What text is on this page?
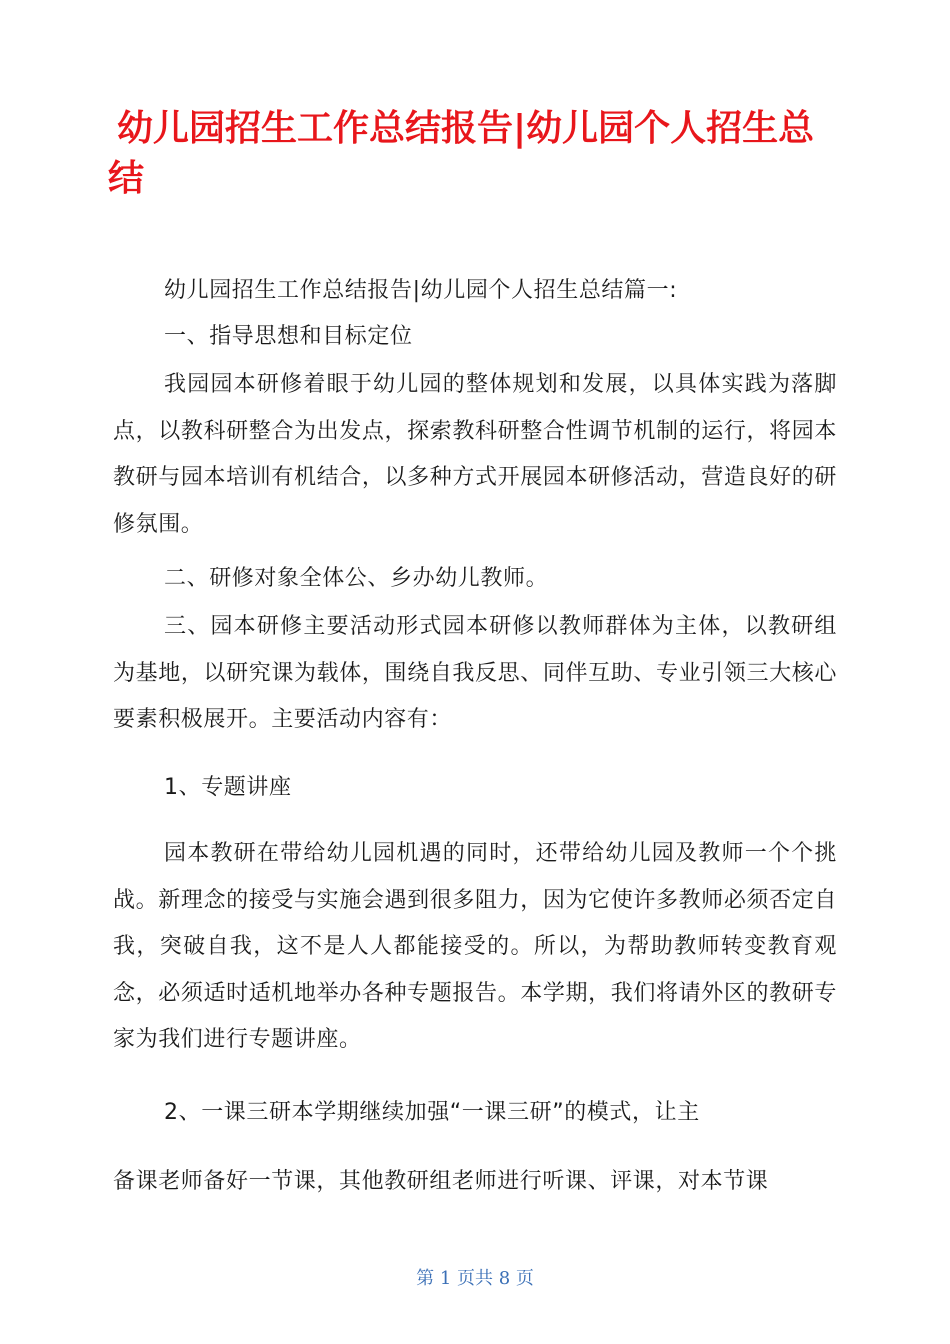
幼儿园招生工作总结报告|幼儿园个人招生总结

幼儿园招生工作总结报告|幼儿园个人招生总结篇一:

一、指导思想和目标定位

我园园本研修着眼于幼儿园的整体规划和发展，以具体实践为落脚点，以教科研整合为出发点，探索教科研整合性调节机制的运行，将园本教研与园本培训有机结合，以多种方式开展园本研修活动，营造良好的研修氛围。

二、研修对象全体公、乡办幼儿教师。

三、园本研修主要活动形式园本研修以教师群体为主体，以教研组为基地，以研究课为载体，围绕自我反思、同伴互助、专业引领三大核心要素积极展开。主要活动内容有：

1、专题讲座

园本教研在带给幼儿园机遇的同时，还带给幼儿园及教师一个个挑战。新理念的接受与实施会遇到很多阻力，因为它使许多教师必须否定自我，突破自我，这不是人人都能接受的。所以，为帮助教师转变教育观念，必须适时适机地举办各种专题报告。本学期，我们将请外区的教研专家为我们进行专题讲座。

2、一课三研本学期继续加强“一课三研”的模式，让主

备课老师备好一节课，其他教研组老师进行听课、评课，对本节课

第 1 页共 8 页
